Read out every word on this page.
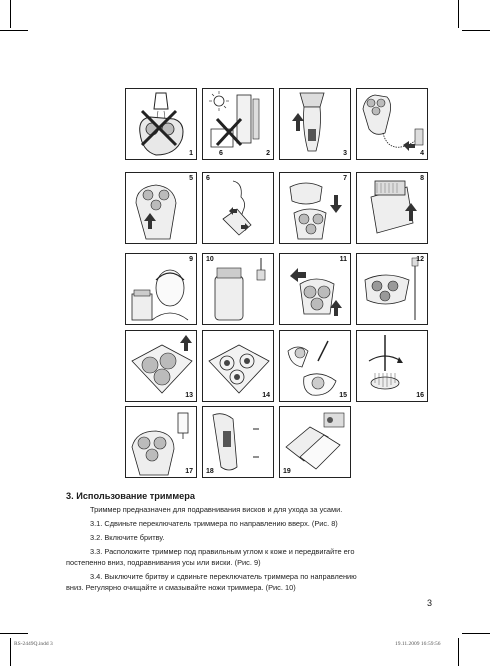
1	6	2	3	4
5 6	7	8
9 10	11	12
13	14	15	16
17 18	19
3. Использование триммера
Триммер предназначен для подравнивания висков и для ухода за усами.
3.1. Сдвиньте переключатель триммера по направлению вверх. (Рис. 8)
3.2. Включите бритву.
3.3. Расположите триммер под правильным углом к коже и передвигайте его
постепенно вниз, подравнивания усы или виски. (Рис. 9)
3.4. Выключите бритву и сдвиньте переключатель триммера по направлению
вниз. Регулярно очищайте и смазывайте ножи триммера. (Рис. 10)
3
RS-2449Q.indd 3	19.11.2009 16:59:56
